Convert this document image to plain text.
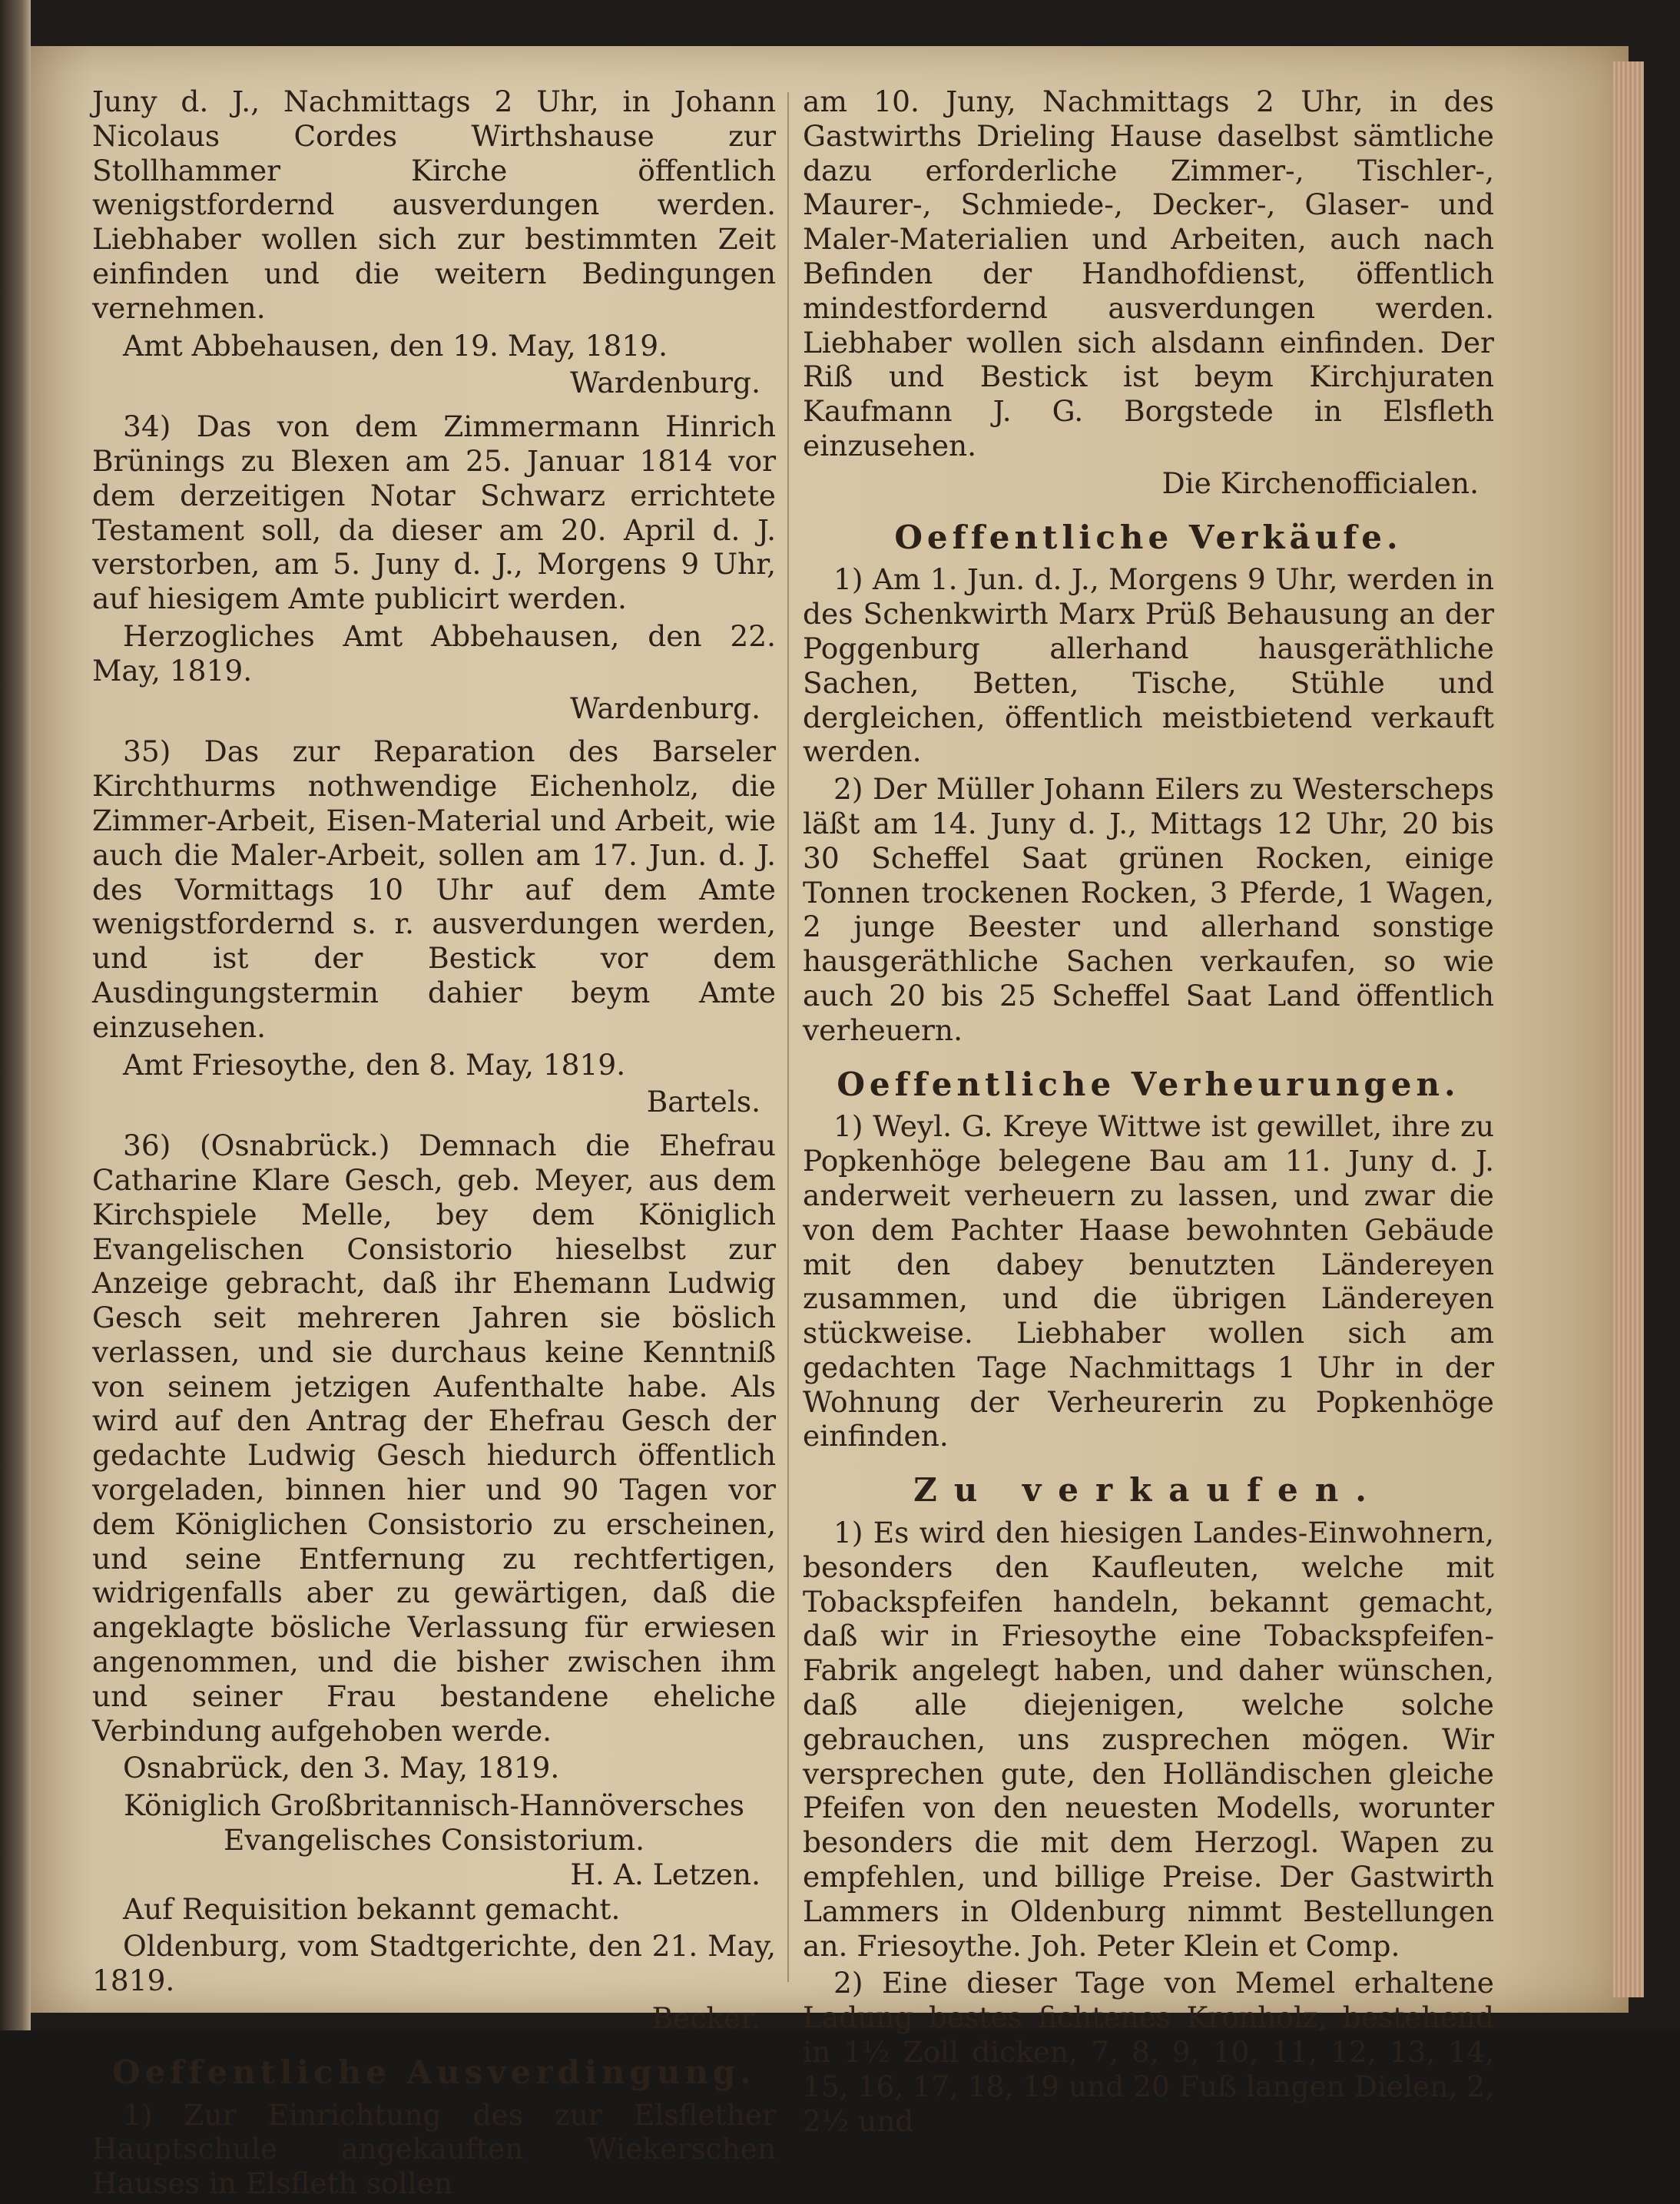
Juny d. J., Nachmittags 2 Uhr, in Johann Nicolaus Cordes Wirthshause zur Stollhammer Kirche öffentlich wenigstfordernd ausverdungen werden. Liebhaber wollen sich zur bestimmten Zeit einfinden und die weitern Bedingungen vernehmen.

Amt Abbehausen, den 19. May, 1819.

Wardenburg.

34) Das von dem Zimmermann Hinrich Brünings zu Blexen am 25. Januar 1814 vor dem derzeitigen Notar Schwarz errichtete Testament soll, da dieser am 20. April d. J. verstorben, am 5. Juny d. J., Morgens 9 Uhr, auf hiesigem Amte publicirt werden.

Herzogliches Amt Abbehausen, den 22. May, 1819.

Wardenburg.

35) Das zur Reparation des Barseler Kirchthurms nothwendige Eichenholz, die Zimmer-Arbeit, Eisen-Material und Arbeit, wie auch die Maler-Arbeit, sollen am 17. Jun. d. J. des Vormittags 10 Uhr auf dem Amte wenigstfordernd s. r. ausverdungen werden, und ist der Bestick vor dem Ausdingungstermin dahier beym Amte einzusehen.

Amt Friesoythe, den 8. May, 1819.

Bartels.

36) (Osnabrück.) Demnach die Ehefrau Catharine Klare Gesch, geb. Meyer, aus dem Kirchspiele Melle, bey dem Königlich Evangelischen Consistorio hieselbst zur Anzeige gebracht, daß ihr Ehemann Ludwig Gesch seit mehreren Jahren sie böslich verlassen, und sie durchaus keine Kenntniß von seinem jetzigen Aufenthalte habe. Als wird auf den Antrag der Ehefrau Gesch der gedachte Ludwig Gesch hiedurch öffentlich vorgeladen, binnen hier und 90 Tagen vor dem Königlichen Consistorio zu erscheinen, und seine Entfernung zu rechtfertigen, widrigenfalls aber zu gewärtigen, daß die angeklagte bösliche Verlassung für erwiesen angenommen, und die bisher zwischen ihm und seiner Frau bestandene eheliche Verbindung aufgehoben werde.

Osnabrück, den 3. May, 1819.

Königlich Großbritannisch-Hannöversches Evangelisches Consistorium.

H. A. Letzen.

Auf Requisition bekannt gemacht.

Oldenburg, vom Stadtgerichte, den 21. May, 1819.

Becker.

Oeffentliche Ausverdingung.

1) Zur Einrichtung des zur Elsflether Hauptschule angekauften Wiekerschen Hauses in Elsfleth sollen

am 10. Juny, Nachmittags 2 Uhr, in des Gastwirths Drieling Hause daselbst sämtliche dazu erforderliche Zimmer-, Tischler-, Maurer-, Schmiede-, Decker-, Glaser- und Maler-Materialien und Arbeiten, auch nach Befinden der Handhofdienst, öffentlich mindestfordernd ausverdungen werden. Liebhaber wollen sich alsdann einfinden. Der Riß und Bestick ist beym Kirchjuraten Kaufmann J. G. Borgstede in Elsfleth einzusehen.

Die Kirchenofficialen.

Oeffentliche Verkäufe.

1) Am 1. Jun. d. J., Morgens 9 Uhr, werden in des Schenkwirth Marx Prüß Behausung an der Poggenburg allerhand hausgeräthliche Sachen, Betten, Tische, Stühle und dergleichen, öffentlich meistbietend verkauft werden.

2) Der Müller Johann Eilers zu Westerscheps läßt am 14. Juny d. J., Mittags 12 Uhr, 20 bis 30 Scheffel Saat grünen Rocken, einige Tonnen trockenen Rocken, 3 Pferde, 1 Wagen, 2 junge Beester und allerhand sonstige hausgeräthliche Sachen verkaufen, so wie auch 20 bis 25 Scheffel Saat Land öffentlich verheuern.

Oeffentliche Verheurungen.

1) Weyl. G. Kreye Wittwe ist gewillet, ihre zu Popkenhöge belegene Bau am 11. Juny d. J. anderweit verheuern zu lassen, und zwar die von dem Pachter Haase bewohnten Gebäude mit den dabey benutzten Ländereyen zusammen, und die übrigen Ländereyen stückweise. Liebhaber wollen sich am gedachten Tage Nachmittags 1 Uhr in der Wohnung der Verheurerin zu Popkenhöge einfinden.

Zu verkaufen.

1) Es wird den hiesigen Landes-Einwohnern, besonders den Kaufleuten, welche mit Tobackspfeifen handeln, bekannt gemacht, daß wir in Friesoythe eine Tobackspfeifen-Fabrik angelegt haben, und daher wünschen, daß alle diejenigen, welche solche gebrauchen, uns zusprechen mögen. Wir versprechen gute, den Holländischen gleiche Pfeifen von den neuesten Modells, worunter besonders die mit dem Herzogl. Wapen zu empfehlen, und billige Preise. Der Gastwirth Lammers in Oldenburg nimmt Bestellungen an. Friesoythe. Joh. Peter Klein et Comp.

2) Eine dieser Tage von Memel erhaltene Ladung bestes fichtenes Kronholz, bestehend in 1½ Zoll dicken, 7, 8, 9, 10, 11, 12, 13, 14, 15, 16, 17, 18, 19 und 20 Fuß langen Dielen, 2, 2½ und
